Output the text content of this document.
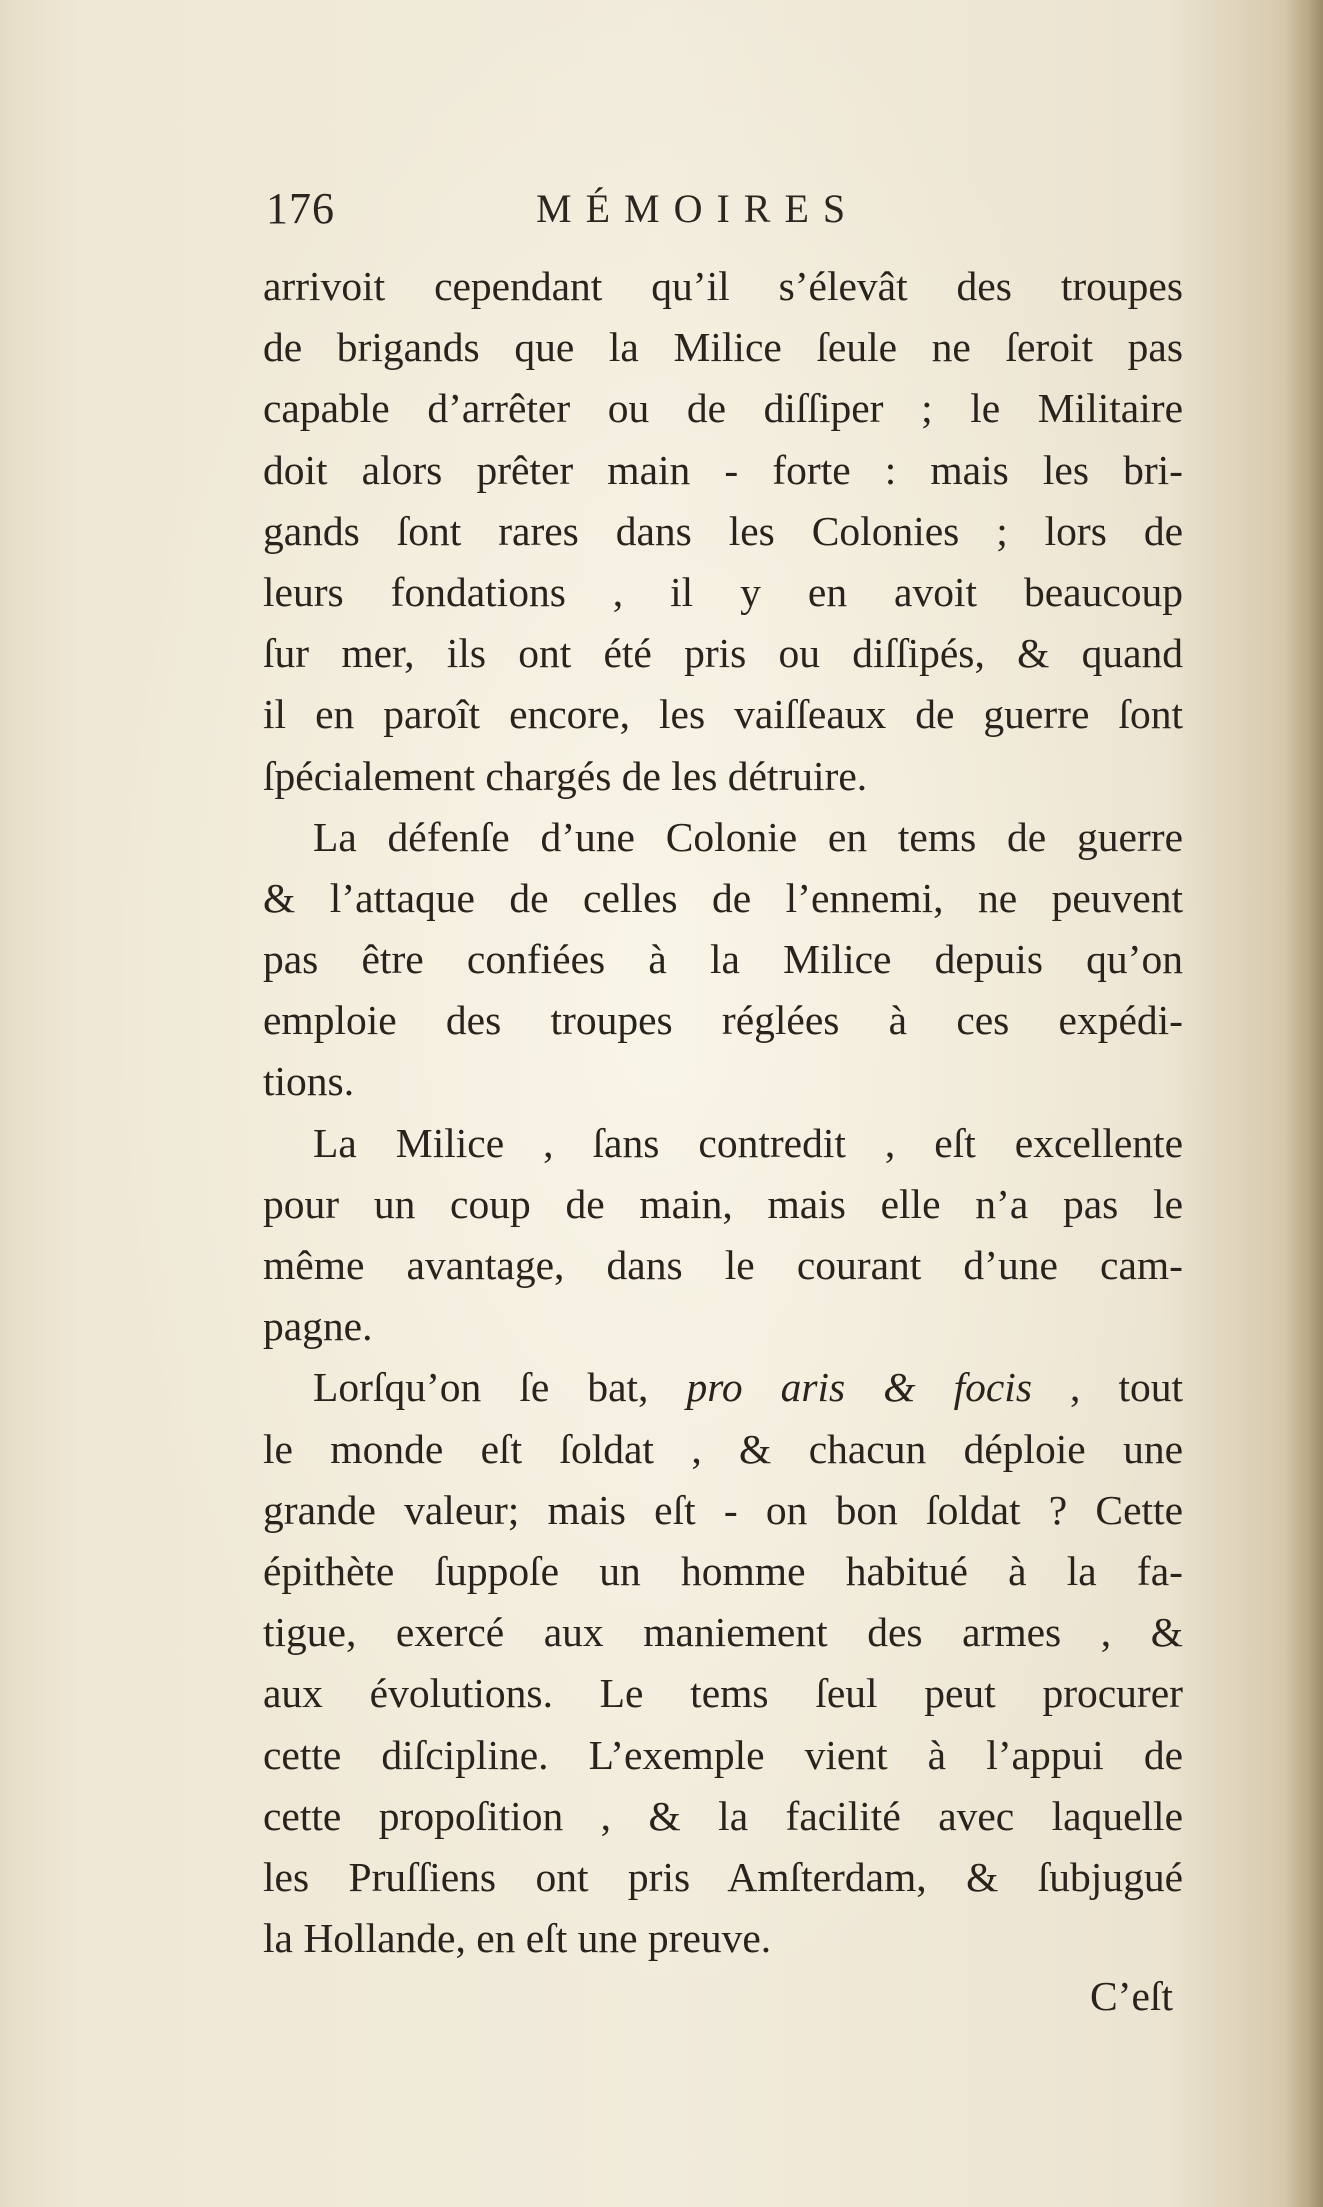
176	MÉMOIRES
arrivoit cependant qu’il s’élevât des troupes
de brigands que la Milice ſeule ne ſeroit pas
capable d’arrêter ou de diſſiper ; le Militaire
doit alors prêter main - forte : mais les bri-
gands ſont rares dans les Colonies ; lors de
leurs fondations , il y en avoit beaucoup
ſur mer, ils ont été pris ou diſſipés, & quand
il en paroît encore, les vaiſſeaux de guerre ſont
ſpécialement chargés de les détruire.
La défenſe d’une Colonie en tems de guerre
& l’attaque de celles de l’ennemi, ne peuvent
pas être confiées à la Milice depuis qu’on
emploie des troupes réglées à ces expédi-
tions.
La Milice , ſans contredit , eſt excellente
pour un coup de main, mais elle n’a pas le
même avantage, dans le courant d’une cam-
pagne.
Lorſqu’on ſe bat, pro aris & focis , tout
le monde eſt ſoldat , & chacun déploie une
grande valeur; mais eſt - on bon ſoldat ? Cette
épithète ſuppoſe un homme habitué à la fa-
tigue, exercé aux maniement des armes , &
aux évolutions. Le tems ſeul peut procurer
cette diſcipline. L’exemple vient à l’appui de
cette propoſition , & la facilité avec laquelle
les Pruſſiens ont pris Amſterdam, & ſubjugué
la Hollande, en eſt une preuve.
C’eſt
